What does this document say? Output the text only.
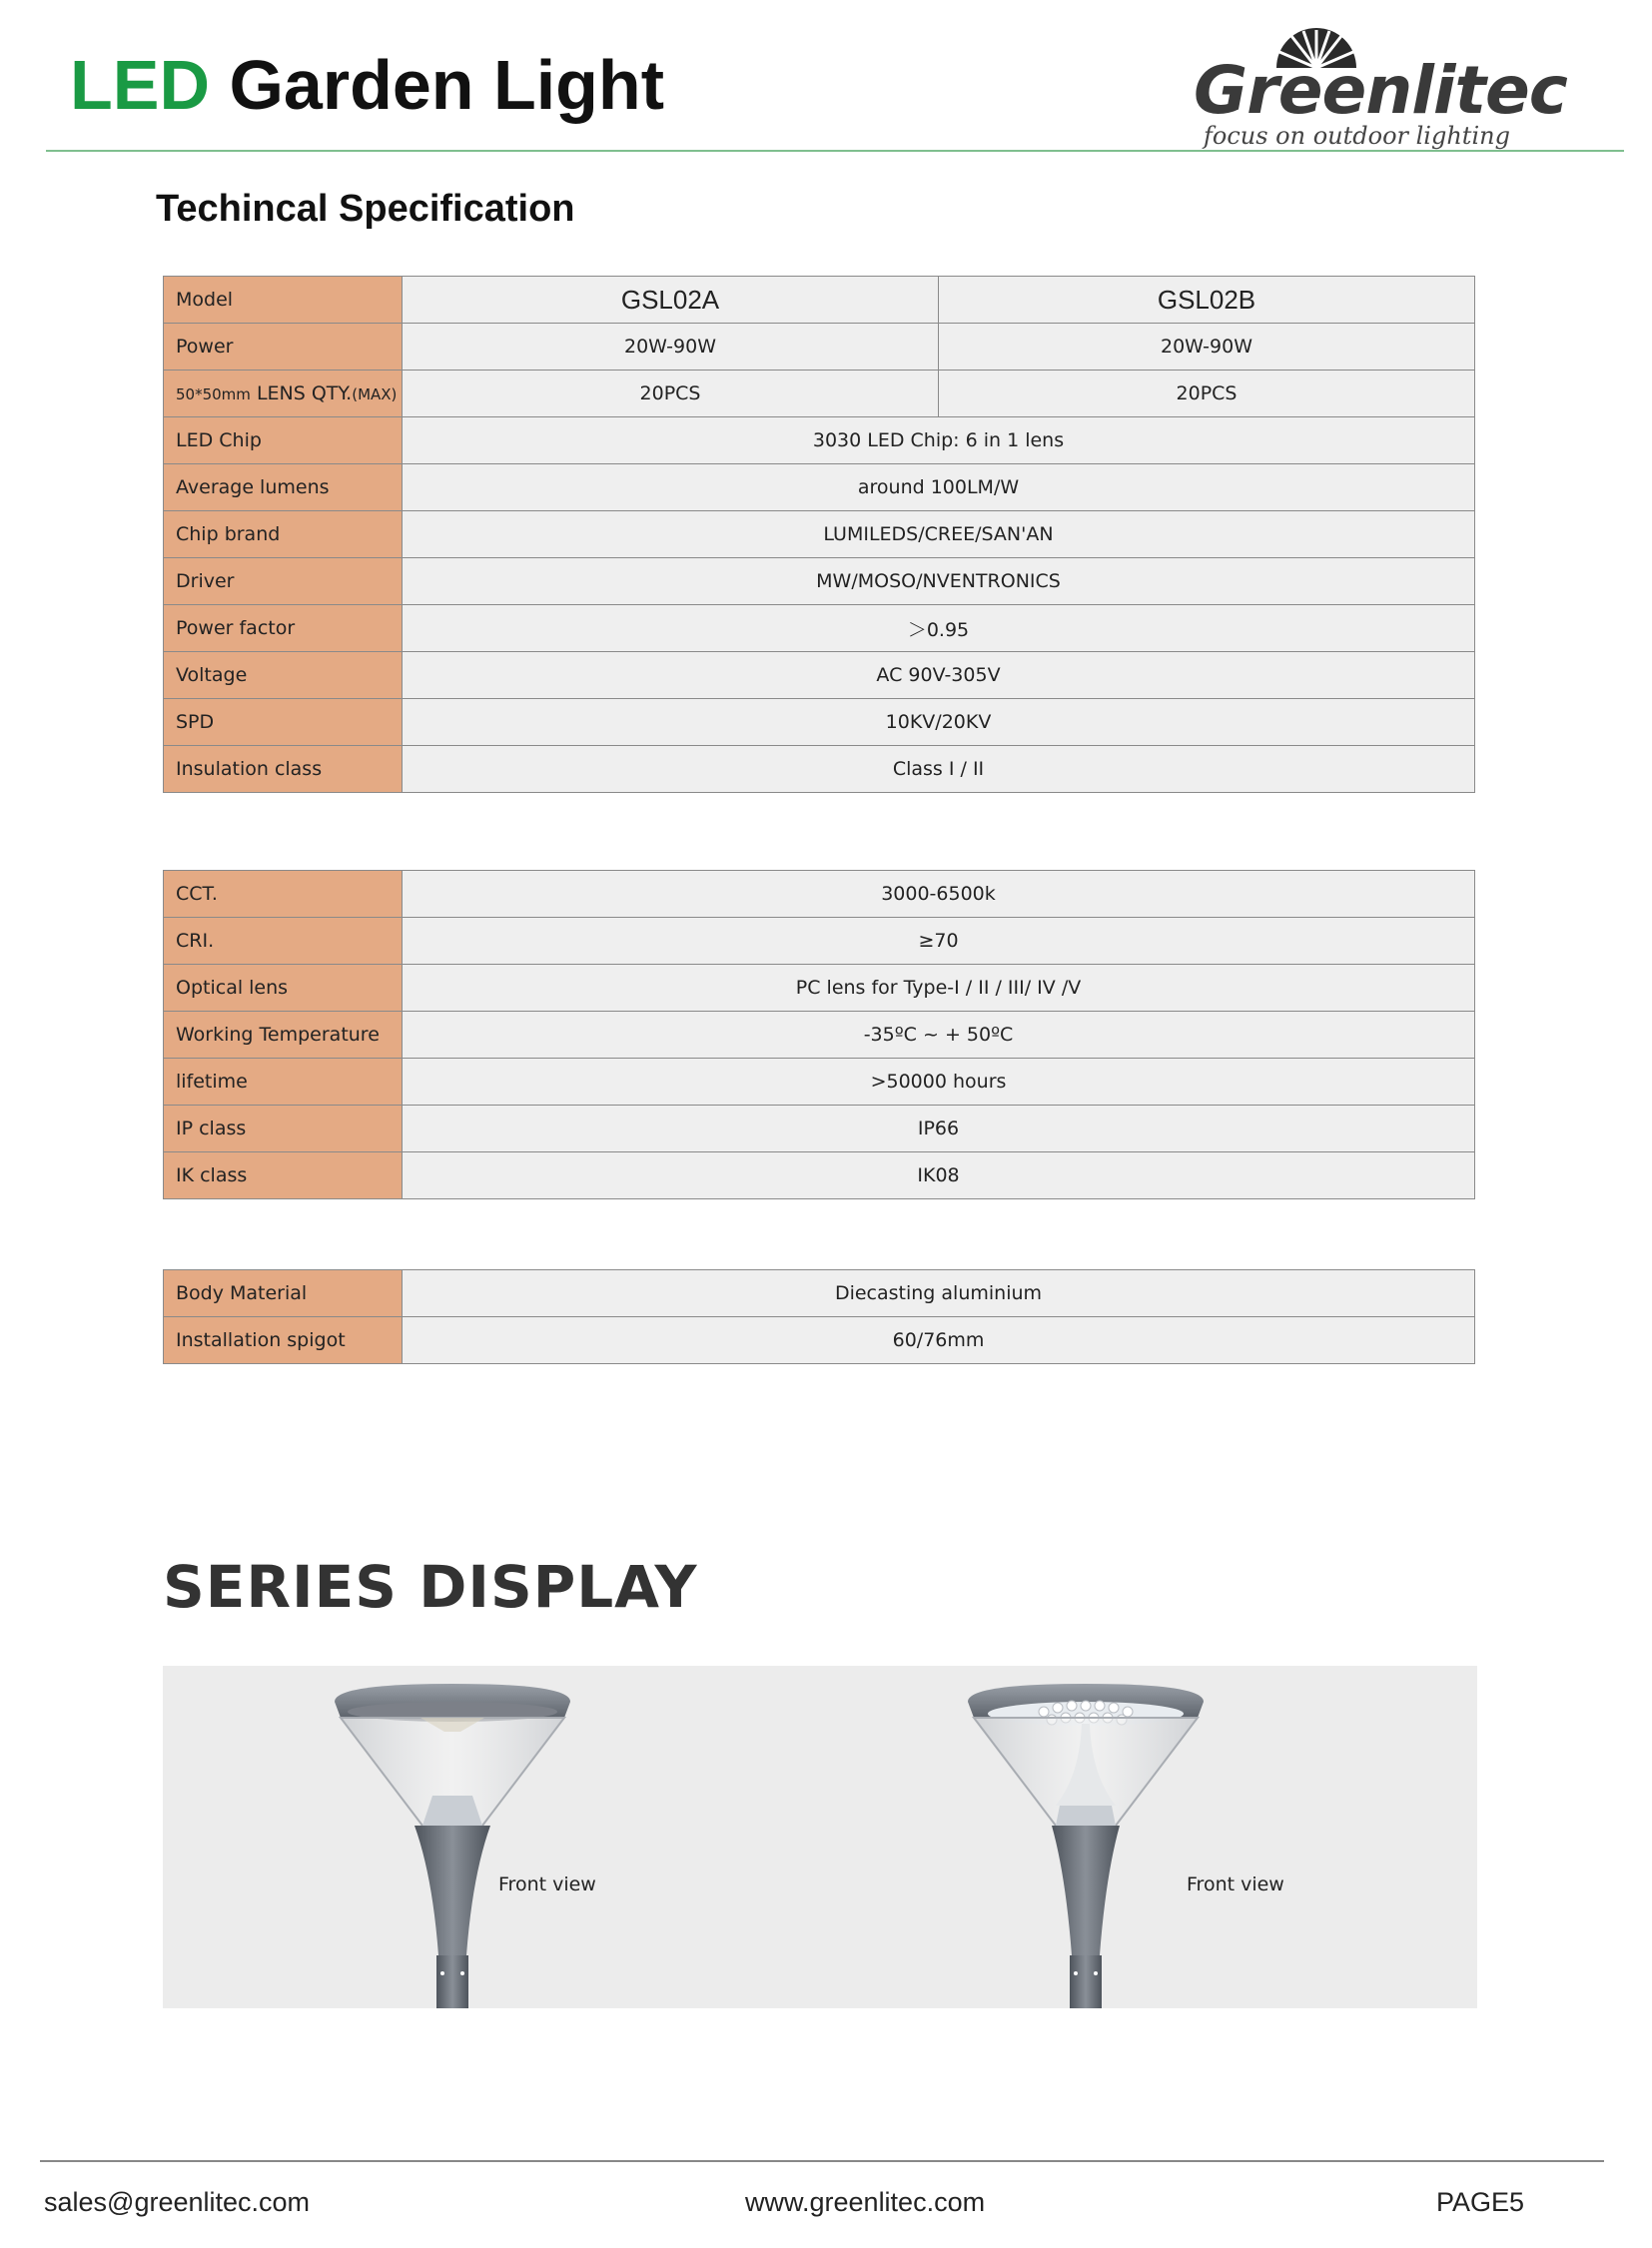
LED Garden Light	Greenlitec
focus on outdoor lighting
Techincal Specification
Model	GSL02A	GSL02B
Power	20W-90W	20W-90W
50*50mm LENS QTY.(MAX)	20PCS	20PCS
LED Chip	3030 LED Chip: 6 in 1 lens	
Average lumens	around 100LM/W	
Chip brand	LUMILEDS/CREE/SAN'AN	
Driver	MW/MOSO/NVENTRONICS	
Power factor	＞0.95	
Voltage	AC 90V-305V	
SPD	10KV/20KV	
Insulation class	Class Ⅰ / II	
CCT.	3000-6500k
CRI.	≥70
Optical lens	PC lens for Type-Ⅰ / II / III/ IV /V
Working Temperature	-35ºC ~ + 50ºC
lifetime	>50000 hours
IP class	IP66
IK class	IK08
Body Material	Diecasting aluminium
Installation spigot	60/76mm
SERIES DISPLAY
Front view	Front view
sales@greenlitec.com	www.greenlitec.com	PAGE5
